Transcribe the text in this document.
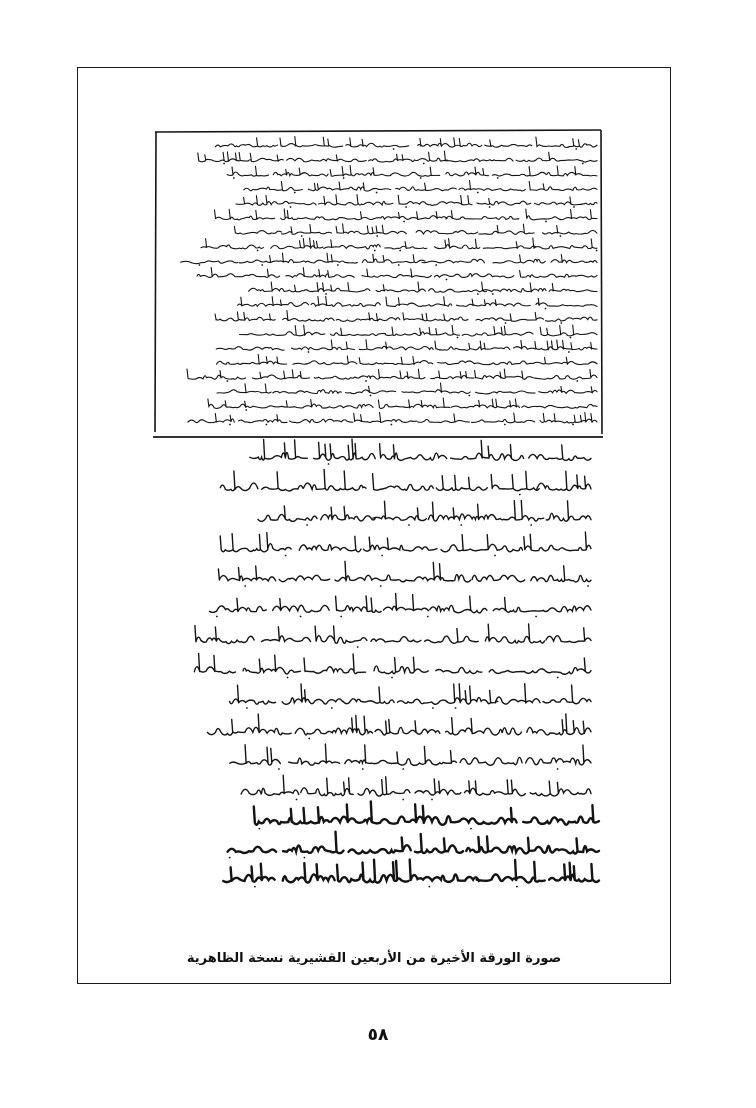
صورة الورقة الأخيرة من الأربعين القشيرية نسخة الظاهرية
٥٨
